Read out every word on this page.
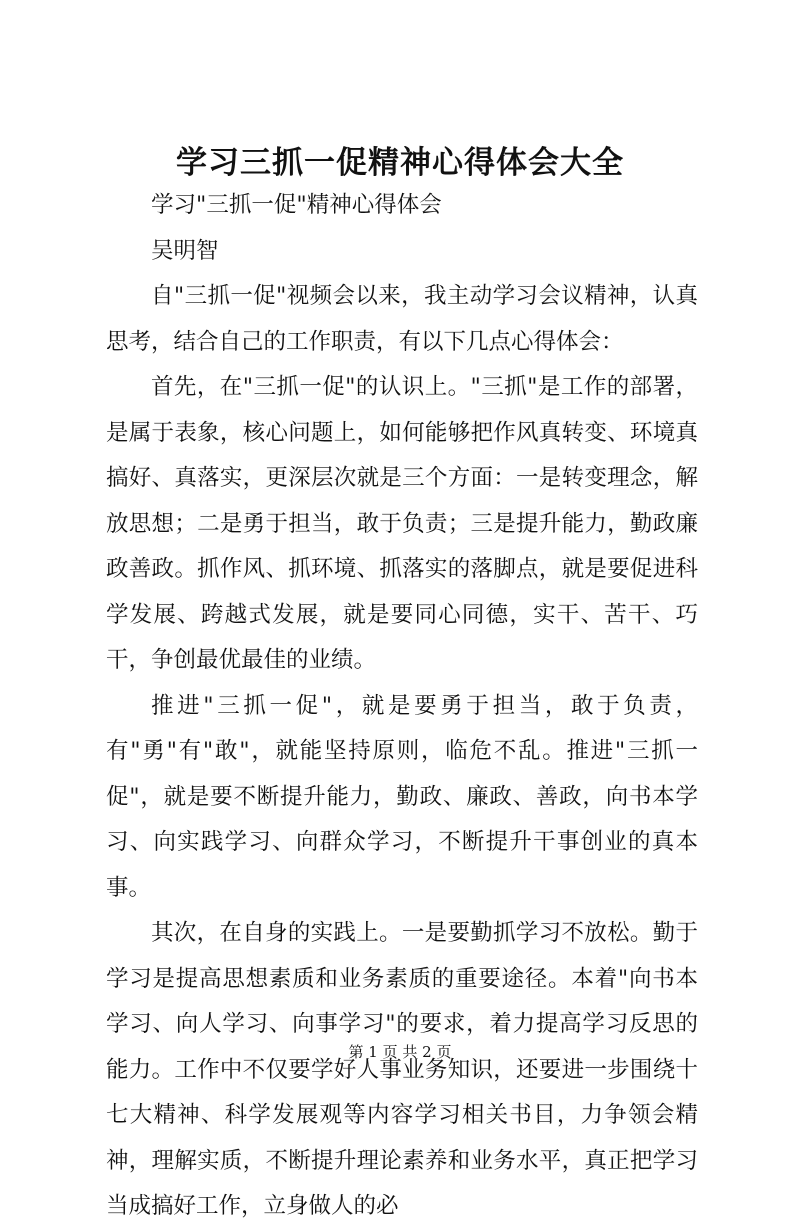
学习三抓一促精神心得体会大全

学习"三抓一促"精神心得体会

吴明智

自"三抓一促"视频会以来，我主动学习会议精神，认真思考，结合自己的工作职责，有以下几点心得体会：

首先，在"三抓一促"的认识上。"三抓"是工作的部署，是属于表象，核心问题上，如何能够把作风真转变、环境真搞好、真落实，更深层次就是三个方面：一是转变理念，解放思想；二是勇于担当，敢于负责；三是提升能力，勤政廉政善政。抓作风、抓环境、抓落实的落脚点，就是要促进科学发展、跨越式发展，就是要同心同德，实干、苦干、巧干，争创最优最佳的业绩。

推进"三抓一促"，就是要勇于担当，敢于负责，有"勇"有"敢"，就能坚持原则，临危不乱。推进"三抓一促"，就是要不断提升能力，勤政、廉政、善政，向书本学习、向实践学习、向群众学习，不断提升干事创业的真本事。

其次，在自身的实践上。一是要勤抓学习不放松。勤于学习是提高思想素质和业务素质的重要途径。本着"向书本学习、向人学习、向事学习"的要求，着力提高学习反思的能力。工作中不仅要学好人事业务知识，还要进一步围绕十七大精神、科学发展观等内容学习相关书目，力争领会精神，理解实质，不断提升理论素养和业务水平，真正把学习当成搞好工作，立身做人的必

第 1 页 共 2 页
